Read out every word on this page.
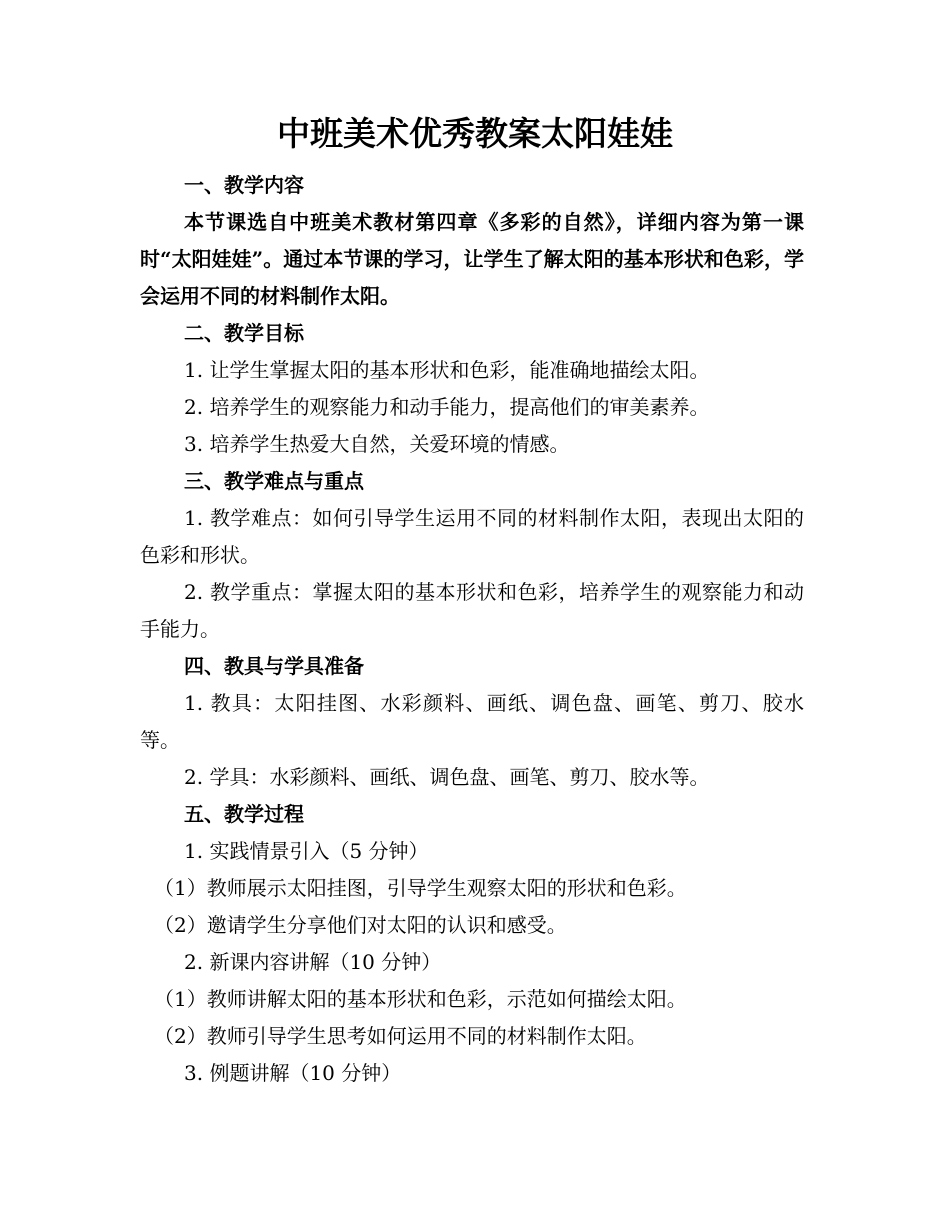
中班美术优秀教案太阳娃娃

一、教学内容

本节课选自中班美术教材第四章《多彩的自然》，详细内容为第一课时“太阳娃娃”。通过本节课的学习，让学生了解太阳的基本形状和色彩，学会运用不同的材料制作太阳。

二、教学目标

1. 让学生掌握太阳的基本形状和色彩，能准确地描绘太阳。

2. 培养学生的观察能力和动手能力，提高他们的审美素养。

3. 培养学生热爱大自然，关爱环境的情感。

三、教学难点与重点

1. 教学难点：如何引导学生运用不同的材料制作太阳，表现出太阳的色彩和形状。

2. 教学重点：掌握太阳的基本形状和色彩，培养学生的观察能力和动手能力。

四、教具与学具准备

1. 教具：太阳挂图、水彩颜料、画纸、调色盘、画笔、剪刀、胶水等。

2. 学具：水彩颜料、画纸、调色盘、画笔、剪刀、胶水等。

五、教学过程

1. 实践情景引入（5 分钟）

（1）教师展示太阳挂图，引导学生观察太阳的形状和色彩。

（2）邀请学生分享他们对太阳的认识和感受。

2. 新课内容讲解（10 分钟）

（1）教师讲解太阳的基本形状和色彩，示范如何描绘太阳。

（2）教师引导学生思考如何运用不同的材料制作太阳。

3. 例题讲解（10 分钟）
